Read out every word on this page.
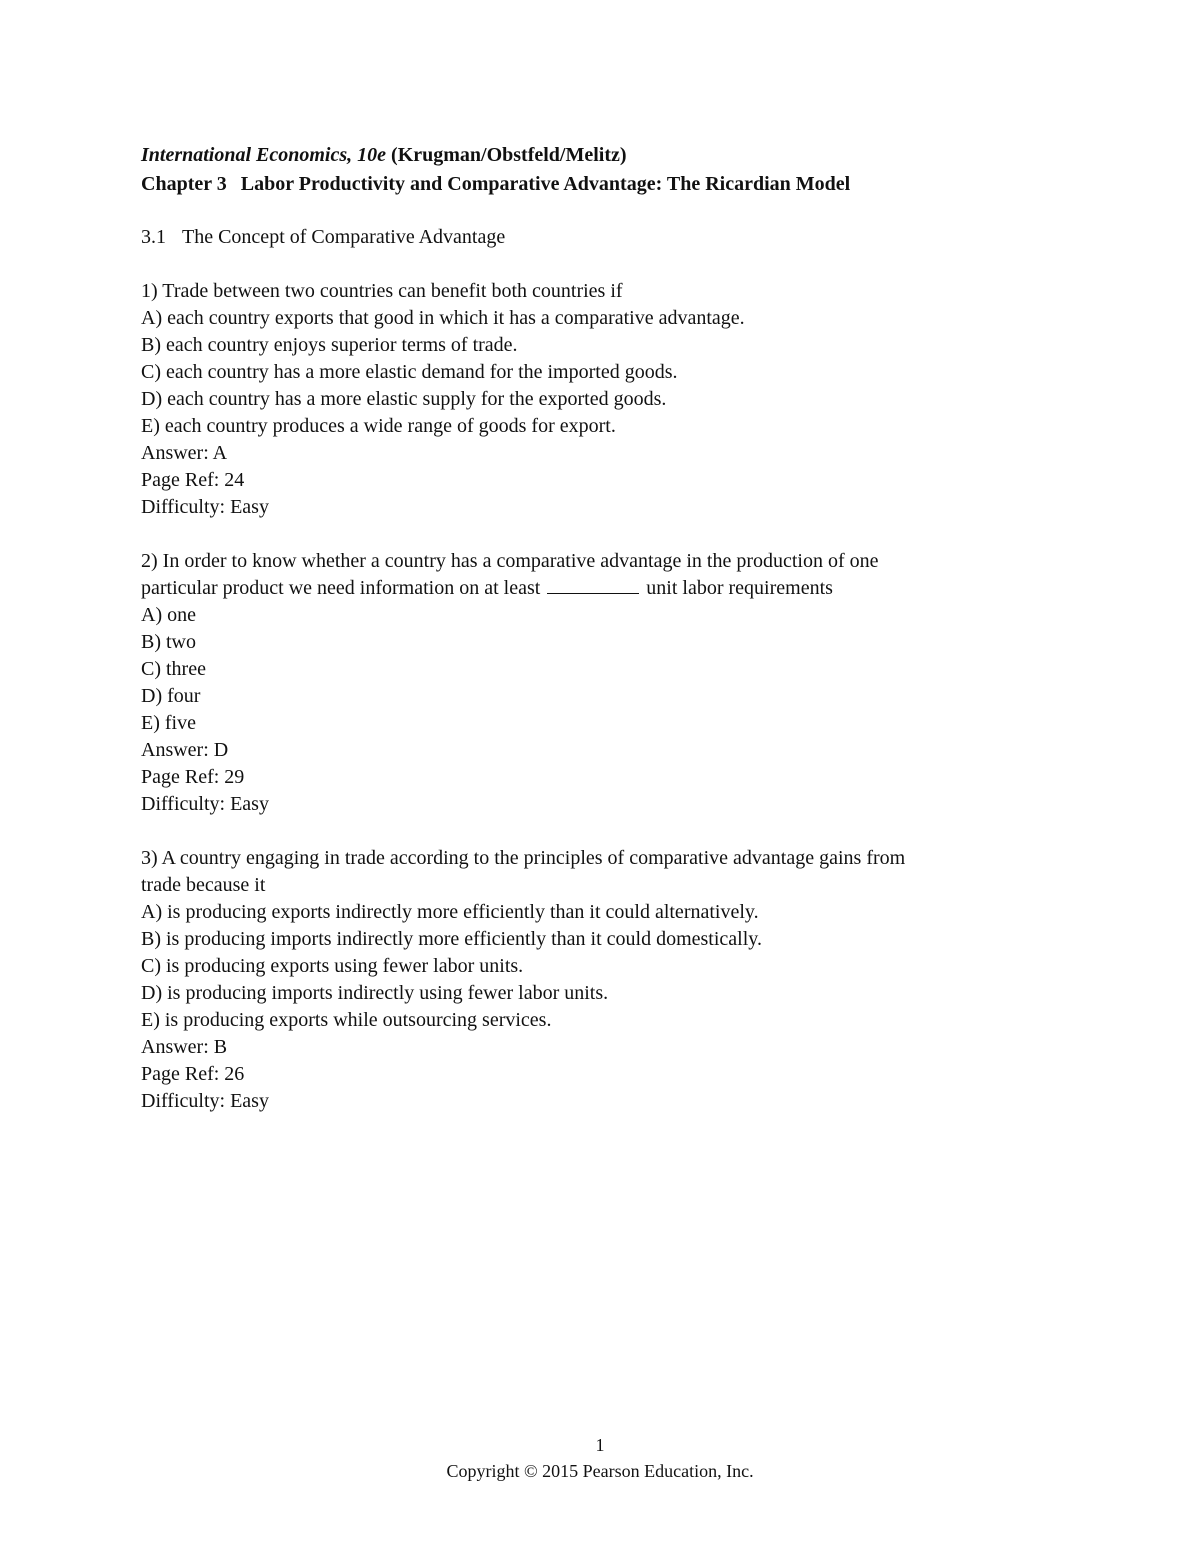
International Economics, 10e (Krugman/Obstfeld/Melitz)
Chapter 3 Labor Productivity and Comparative Advantage: The Ricardian Model
3.1 The Concept of Comparative Advantage
1) Trade between two countries can benefit both countries if
A) each country exports that good in which it has a comparative advantage.
B) each country enjoys superior terms of trade.
C) each country has a more elastic demand for the imported goods.
D) each country has a more elastic supply for the exported goods.
E) each country produces a wide range of goods for export.
Answer: A
Page Ref: 24
Difficulty: Easy
2) In order to know whether a country has a comparative advantage in the production of one
particular product we need information on at least	unit labor requirements
A) one
B) two
C) three
D) four
E) five
Answer: D
Page Ref: 29
Difficulty: Easy
3) A country engaging in trade according to the principles of comparative advantage gains from
trade because it
A) is producing exports indirectly more efficiently than it could alternatively.
B) is producing imports indirectly more efficiently than it could domestically.
C) is producing exports using fewer labor units.
D) is producing imports indirectly using fewer labor units.
E) is producing exports while outsourcing services.
Answer: B
Page Ref: 26
Difficulty: Easy
1
Copyright © 2015 Pearson Education, Inc.
